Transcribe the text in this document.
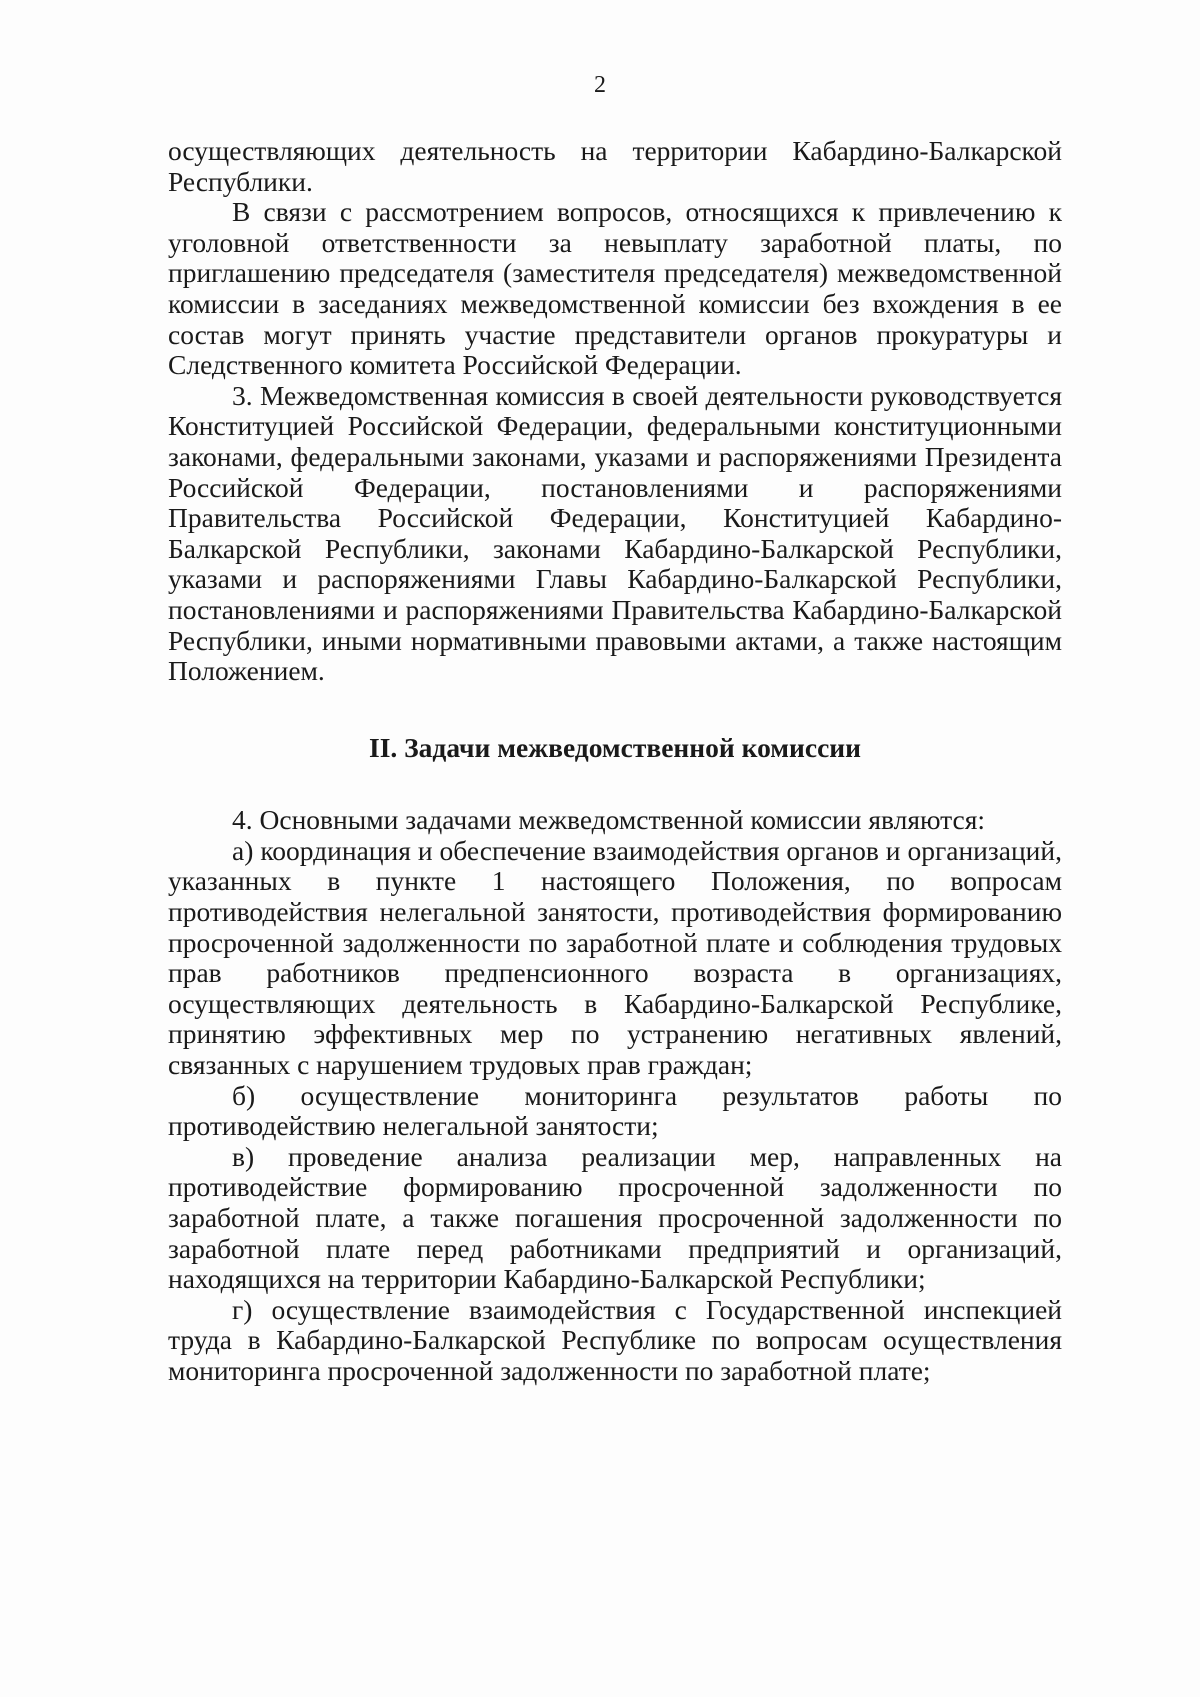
2

осуществляющих деятельность на территории Кабардино-Балкарской Республики.

В связи с рассмотрением вопросов, относящихся к привлечению к уголовной ответственности за невыплату заработной платы, по приглашению председателя (заместителя председателя) межведомственной комиссии в заседаниях межведомственной комиссии без вхождения в ее состав могут принять участие представители органов прокуратуры и Следственного комитета Российской Федерации.

3. Межведомственная комиссия в своей деятельности руководствуется Конституцией Российской Федерации, федеральными конституционными законами, федеральными законами, указами и распоряжениями Президента Российской Федерации, постановлениями и распоряжениями Правительства Российской Федерации, Конституцией Кабардино-Балкарской Республики, законами Кабардино-Балкарской Республики, указами и распоряжениями Главы Кабардино-Балкарской Республики, постановлениями и распоряжениями Правительства Кабардино-Балкарской Республики, иными нормативными правовыми актами, а также настоящим Положением.

II. Задачи межведомственной комиссии

4. Основными задачами межведомственной комиссии являются:

а) координация и обеспечение взаимодействия органов и организаций, указанных в пункте 1 настоящего Положения, по вопросам противодействия нелегальной занятости, противодействия формированию просроченной задолженности по заработной плате и соблюдения трудовых прав работников предпенсионного возраста в организациях, осуществляющих деятельность в Кабардино-Балкарской Республике, принятию эффективных мер по устранению негативных явлений, связанных с нарушением трудовых прав граждан;

б) осуществление мониторинга результатов работы по противодействию нелегальной занятости;

в) проведение анализа реализации мер, направленных на противодействие формированию просроченной задолженности по заработной плате, а также погашения просроченной задолженности по заработной плате перед работниками предприятий и организаций, находящихся на территории Кабардино-Балкарской Республики;

г) осуществление взаимодействия с Государственной инспекцией труда в Кабардино-Балкарской Республике по вопросам осуществления мониторинга просроченной задолженности по заработной плате;
